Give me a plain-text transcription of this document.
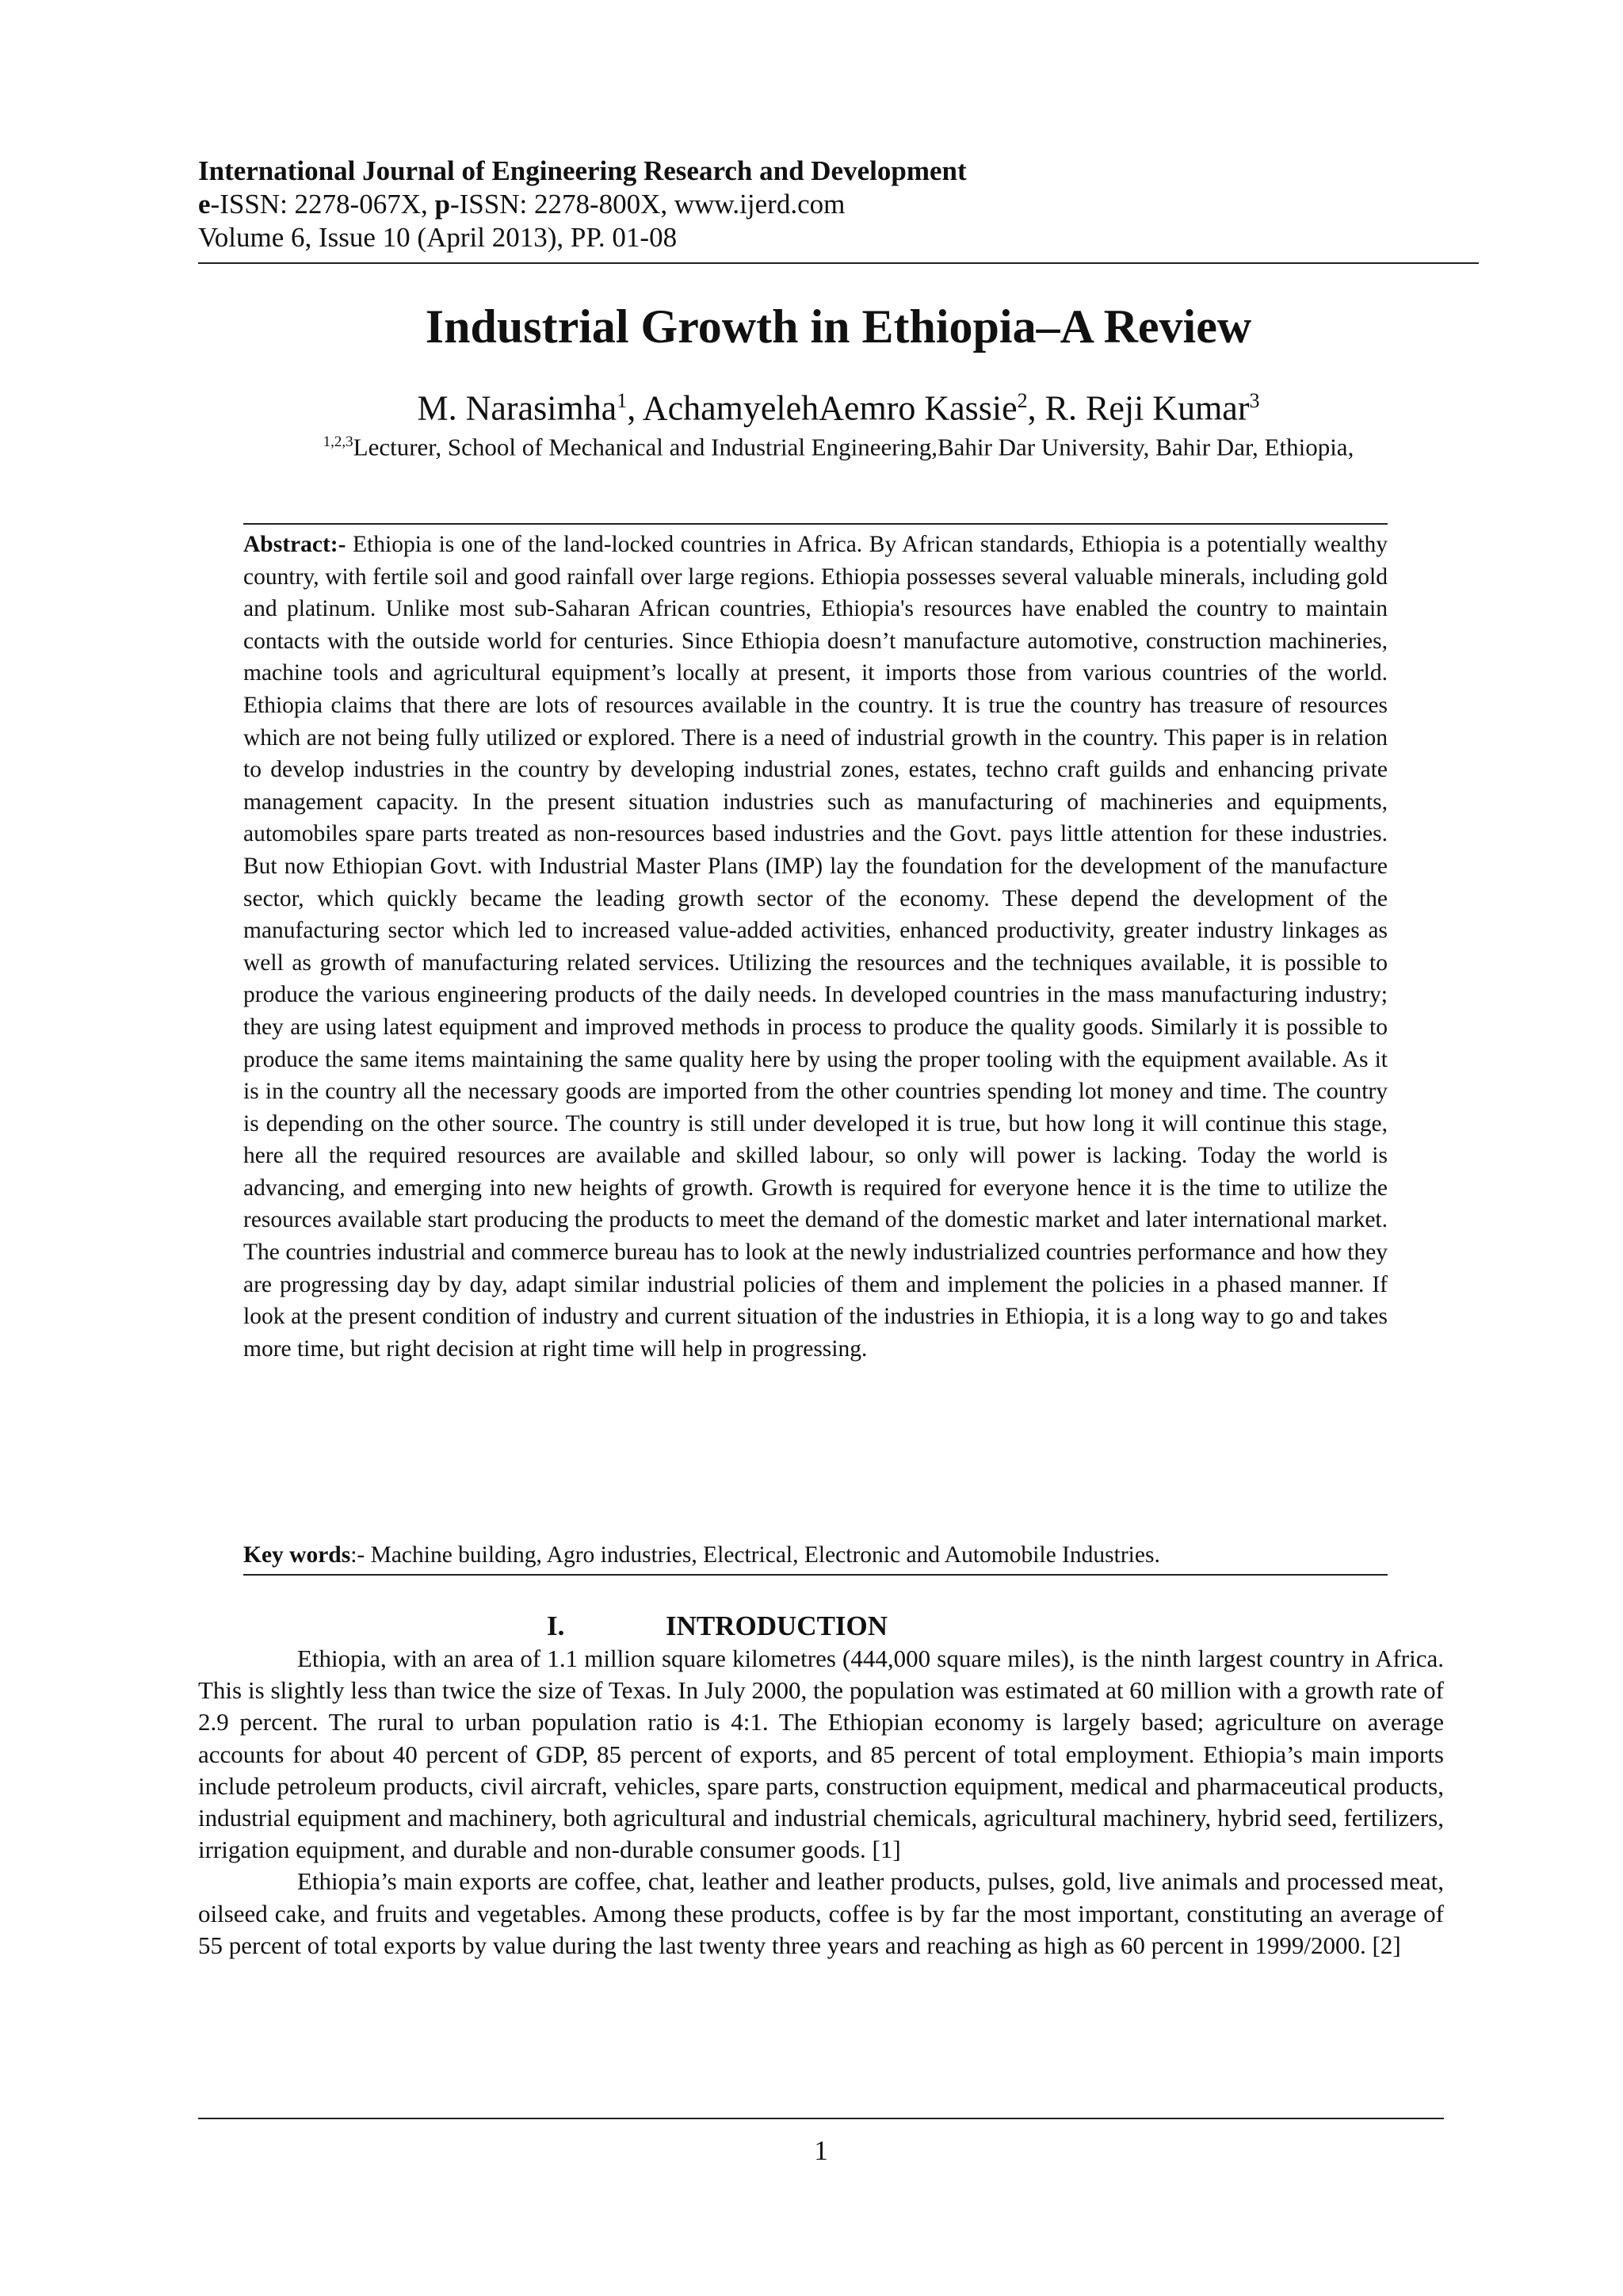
International Journal of Engineering Research and Development
e-ISSN: 2278-067X, p-ISSN: 2278-800X, www.ijerd.com
Volume 6, Issue 10 (April 2013), PP. 01-08
Industrial Growth in Ethiopia–A Review
M. Narasimha$^1$, AchamyelehAemro Kassie$^2$, R. Reji Kumar$^3$
$^{1,2,3}$Lecturer, School of Mechanical and Industrial Engineering,Bahir Dar University, Bahir Dar, Ethiopia,
Abstract:- Ethiopia is one of the land-locked countries in Africa. By African standards, Ethiopia is a potentially wealthy country, with fertile soil and good rainfall over large regions. Ethiopia possesses several valuable minerals, including gold and platinum. Unlike most sub-Saharan African countries, Ethiopia's resources have enabled the country to maintain contacts with the outside world for centuries. Since Ethiopia doesn’t manufacture automotive, construction machineries, machine tools and agricultural equipment’s locally at present, it imports those from various countries of the world. Ethiopia claims that there are lots of resources available in the country. It is true the country has treasure of resources which are not being fully utilized or explored. There is a need of industrial growth in the country. This paper is in relation to develop industries in the country by developing industrial zones, estates, techno craft guilds and enhancing private management capacity. In the present situation industries such as manufacturing of machineries and equipments, automobiles spare parts treated as non-resources based industries and the Govt. pays little attention for these industries. But now Ethiopian Govt. with Industrial Master Plans (IMP) lay the foundation for the development of the manufacture sector, which quickly became the leading growth sector of the economy. These depend the development of the manufacturing sector which led to increased value-added activities, enhanced productivity, greater industry linkages as well as growth of manufacturing related services. Utilizing the resources and the techniques available, it is possible to produce the various engineering products of the daily needs. In developed countries in the mass manufacturing industry; they are using latest equipment and improved methods in process to produce the quality goods. Similarly it is possible to produce the same items maintaining the same quality here by using the proper tooling with the equipment available. As it is in the country all the necessary goods are imported from the other countries spending lot money and time. The country is depending on the other source. The country is still under developed it is true, but how long it will continue this stage, here all the required resources are available and skilled labour, so only will power is lacking. Today the world is advancing, and emerging into new heights of growth. Growth is required for everyone hence it is the time to utilize the resources available start producing the products to meet the demand of the domestic market and later international market. The countries industrial and commerce bureau has to look at the newly industrialized countries performance and how they are progressing day by day, adapt similar industrial policies of them and implement the policies in a phased manner. If look at the present condition of industry and current situation of the industries in Ethiopia, it is a long way to go and takes more time, but right decision at right time will help in progressing.
Key words:- Machine building, Agro industries, Electrical, Electronic and Automobile Industries.
I.	INTRODUCTION

Ethiopia, with an area of 1.1 million square kilometres (444,000 square miles), is the ninth largest country in Africa. This is slightly less than twice the size of Texas. In July 2000, the population was estimated at 60 million with a growth rate of 2.9 percent. The rural to urban population ratio is 4:1. The Ethiopian economy is largely based; agriculture on average accounts for about 40 percent of GDP, 85 percent of exports, and 85 percent of total employment. Ethiopia’s main imports include petroleum products, civil aircraft, vehicles, spare parts, construction equipment, medical and pharmaceutical products, industrial equipment and machinery, both agricultural and industrial chemicals, agricultural machinery, hybrid seed, fertilizers, irrigation equipment, and durable and non-durable consumer goods. [1]

Ethiopia’s main exports are coffee, chat, leather and leather products, pulses, gold, live animals and processed meat, oilseed cake, and fruits and vegetables. Among these products, coffee is by far the most important, constituting an average of 55 percent of total exports by value during the last twenty three years and reaching as high as 60 percent in 1999/2000. [2]

1
